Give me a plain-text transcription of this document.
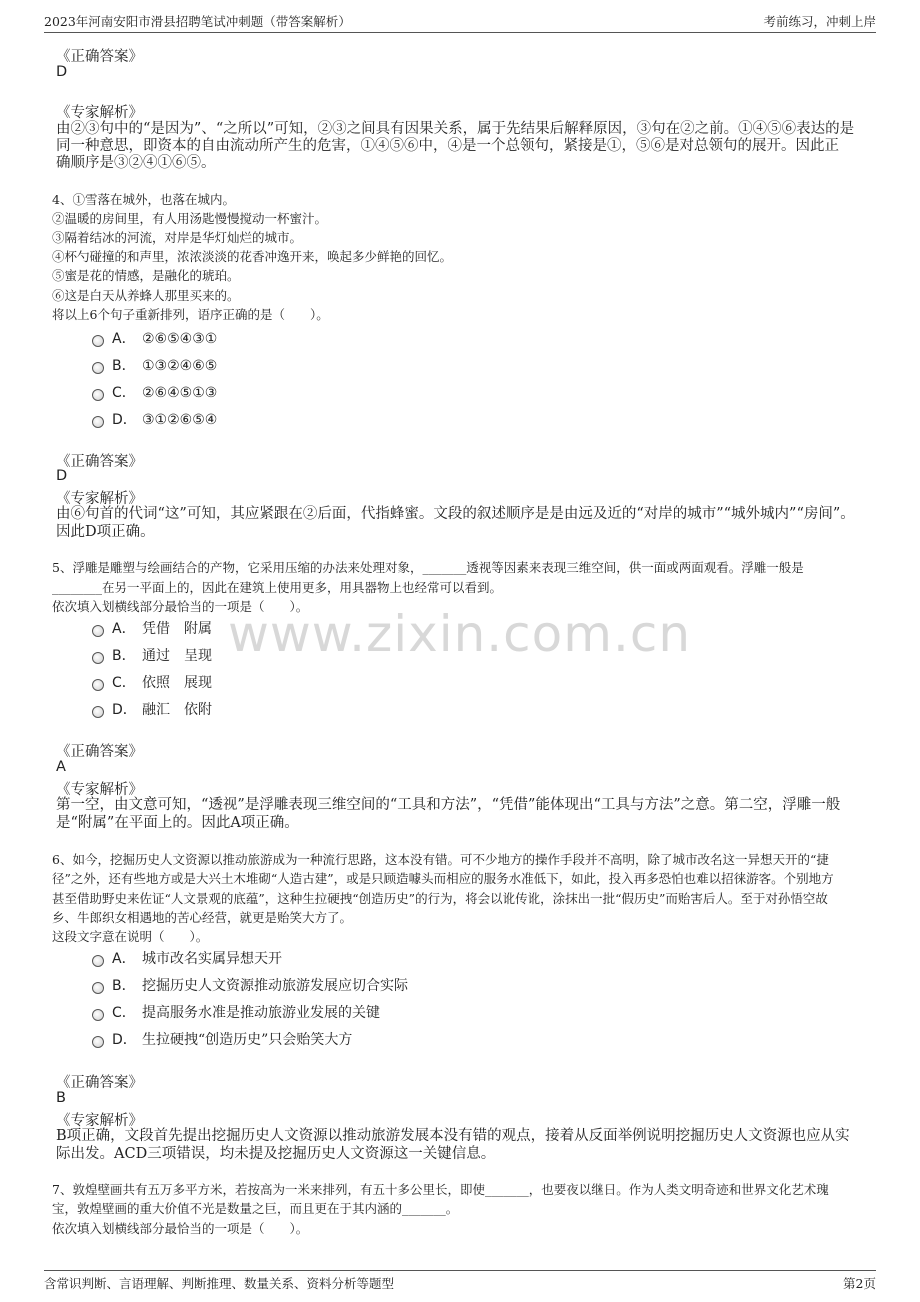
2023年河南安阳市滑县招聘笔试冲刺题（带答案解析）	考前练习，冲刺上岸
www.zixin.com.cn
《正确答案》
D
《专家解析》
由②③句中的“是因为”、“之所以”可知，②③之间具有因果关系，属于先结果后解释原因，③句在②之前。①④⑤⑥表达的是
同一种意思，即资本的自由流动所产生的危害，①④⑤⑥中，④是一个总领句，紧接是①，⑤⑥是对总领句的展开。因此正
确顺序是③②④①⑥⑤。
4、①雪落在城外，也落在城内。
②温暖的房间里，有人用汤匙慢慢搅动一杯蜜汁。
③隔着结冰的河流，对岸是华灯灿烂的城市。
④杯勺碰撞的和声里，浓浓淡淡的花香冲逸开来，唤起多少鲜艳的回忆。
⑤蜜是花的情感，是融化的琥珀。
⑥这是白天从养蜂人那里买来的。
将以上6个句子重新排列，语序正确的是（　　）。
A． ②⑥⑤④③①
B． ①③②④⑥⑤
C． ②⑥④⑤①③
D． ③①②⑥⑤④
《正确答案》
D
《专家解析》
由⑥句首的代词“这”可知，其应紧跟在②后面，代指蜂蜜。文段的叙述顺序是是由远及近的“对岸的城市”“城外城内”“房间”。
因此D项正确。
5、浮雕是雕塑与绘画结合的产物，它采用压缩的办法来处理对象，_______透视等因素来表现三维空间，供一面或两面观看。浮雕一般是
________在另一平面上的，因此在建筑上使用更多，用具器物上也经常可以看到。
依次填入划横线部分最恰当的一项是（　　）。
A． 凭借　附属
B． 通过　呈现
C． 依照　展现
D． 融汇　依附
《正确答案》
A
《专家解析》
第一空，由文意可知，“透视”是浮雕表现三维空间的“工具和方法”，“凭借”能体现出“工具与方法”之意。第二空，浮雕一般
是“附属”在平面上的。因此A项正确。
6、如今，挖掘历史人文资源以推动旅游成为一种流行思路，这本没有错。可不少地方的操作手段并不高明，除了城市改名这一异想天开的“捷
径”之外，还有些地方或是大兴土木堆砌“人造古建”，或是只顾造噱头而相应的服务水准低下，如此，投入再多恐怕也难以招徕游客。个别地方
甚至借助野史来佐证“人文景观的底蕴”，这种生拉硬拽“创造历史”的行为，将会以讹传讹，涂抹出一批“假历史”而贻害后人。至于对孙悟空故
乡、牛郎织女相遇地的苦心经营，就更是贻笑大方了。
这段文字意在说明（　　）。
A． 城市改名实属异想天开
B． 挖掘历史人文资源推动旅游发展应切合实际
C． 提高服务水准是推动旅游业发展的关键
D． 生拉硬拽“创造历史”只会贻笑大方
《正确答案》
B
《专家解析》
B项正确，文段首先提出挖掘历史人文资源以推动旅游发展本没有错的观点，接着从反面举例说明挖掘历史人文资源也应从实
际出发。ACD三项错误，均未提及挖掘历史人文资源这一关键信息。
7、敦煌壁画共有五万多平方米，若按高为一米来排列，有五十多公里长，即使_______，也要夜以继日。作为人类文明奇迹和世界文化艺术瑰
宝，敦煌壁画的重大价值不光是数量之巨，而且更在于其内涵的_______。
依次填入划横线部分最恰当的一项是（　　）。
含常识判断、言语理解、判断推理、数量关系、资料分析等题型	第2页
